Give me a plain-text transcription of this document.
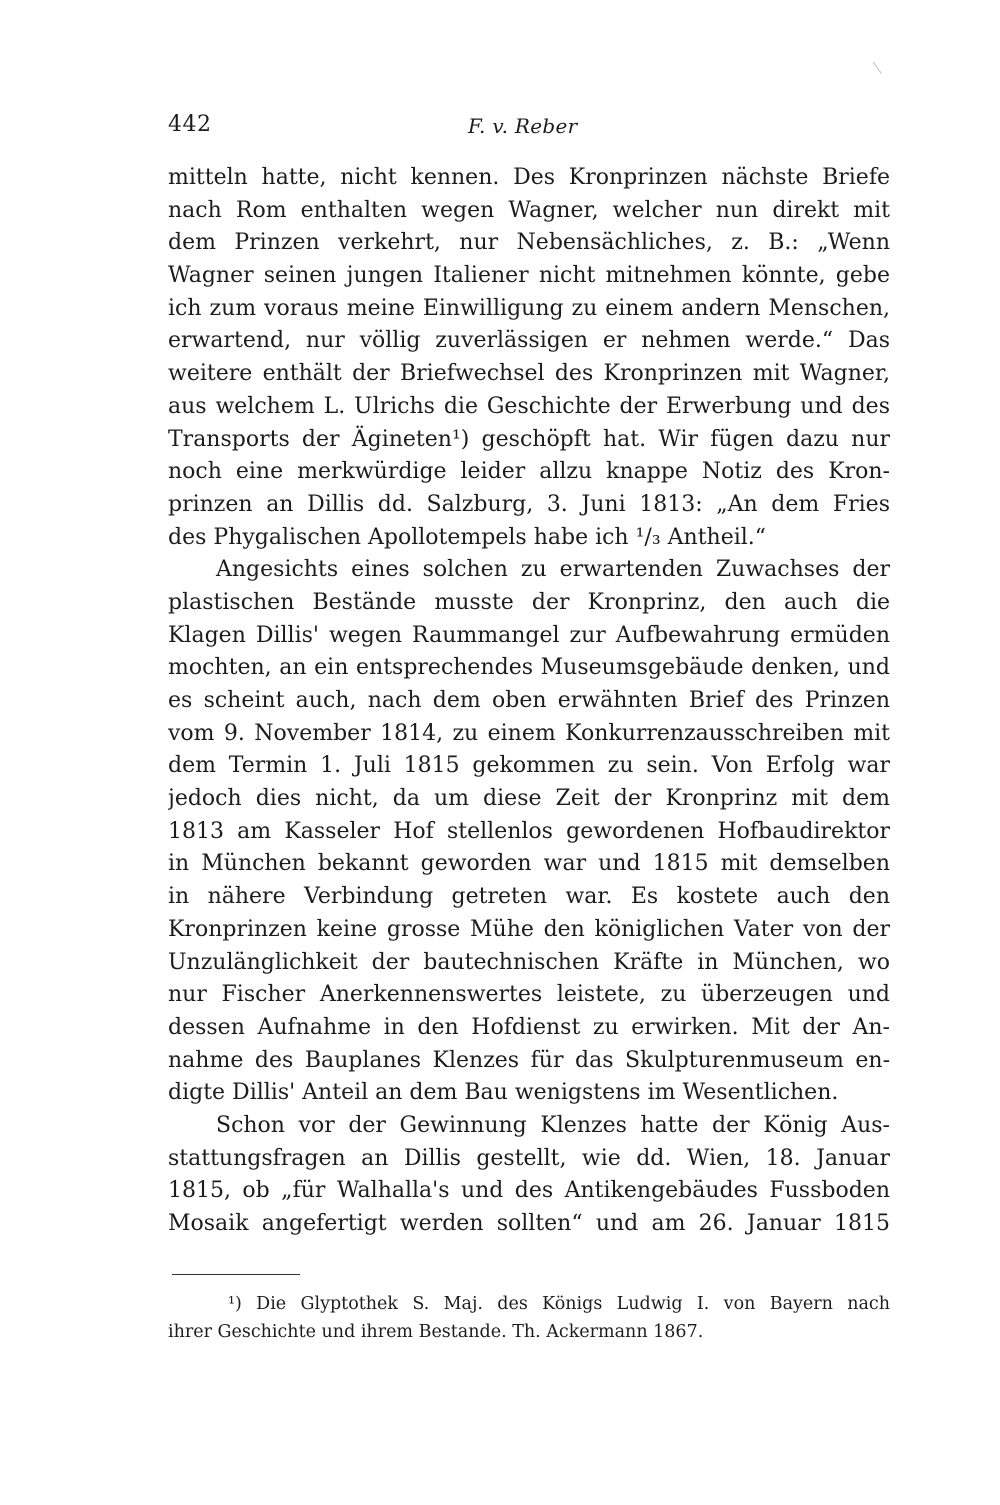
442	F. v. Reber
mitteln hatte, nicht kennen. Des Kronprinzen nächste Briefe
nach Rom enthalten wegen Wagner, welcher nun direkt mit
dem Prinzen verkehrt, nur Nebensächliches, z. B.: „Wenn
Wagner seinen jungen Italiener nicht mitnehmen könnte, gebe
ich zum voraus meine Einwilligung zu einem andern Menschen,
erwartend, nur völlig zuverlässigen er nehmen werde.“ Das
weitere enthält der Briefwechsel des Kronprinzen mit Wagner,
aus welchem L. Ulrichs die Geschichte der Erwerbung und des
Transports der Ägineten¹) geschöpft hat. Wir fügen dazu nur
noch eine merkwürdige leider allzu knappe Notiz des Kron-
prinzen an Dillis dd. Salzburg, 3. Juni 1813: „An dem Fries
des Phygalischen Apollotempels habe ich ¹/₃ Antheil.“
Angesichts eines solchen zu erwartenden Zuwachses der
plastischen Bestände musste der Kronprinz, den auch die
Klagen Dillis' wegen Raummangel zur Aufbewahrung ermüden
mochten, an ein entsprechendes Museumsgebäude denken, und
es scheint auch, nach dem oben erwähnten Brief des Prinzen
vom 9. November 1814, zu einem Konkurrenzausschreiben mit
dem Termin 1. Juli 1815 gekommen zu sein. Von Erfolg war
jedoch dies nicht, da um diese Zeit der Kronprinz mit dem
1813 am Kasseler Hof stellenlos gewordenen Hofbaudirektor
in München bekannt geworden war und 1815 mit demselben
in nähere Verbindung getreten war. Es kostete auch den
Kronprinzen keine grosse Mühe den königlichen Vater von der
Unzulänglichkeit der bautechnischen Kräfte in München, wo
nur Fischer Anerkennenswertes leistete, zu überzeugen und
dessen Aufnahme in den Hofdienst zu erwirken. Mit der An-
nahme des Bauplanes Klenzes für das Skulpturenmuseum en-
digte Dillis' Anteil an dem Bau wenigstens im Wesentlichen.
Schon vor der Gewinnung Klenzes hatte der König Aus-
stattungsfragen an Dillis gestellt, wie dd. Wien, 18. Januar
1815, ob „für Walhalla's und des Antikengebäudes Fussboden
Mosaik angefertigt werden sollten“ und am 26. Januar 1815
¹) Die Glyptothek S. Maj. des Königs Ludwig I. von Bayern nach
ihrer Geschichte und ihrem Bestande. Th. Ackermann 1867.
